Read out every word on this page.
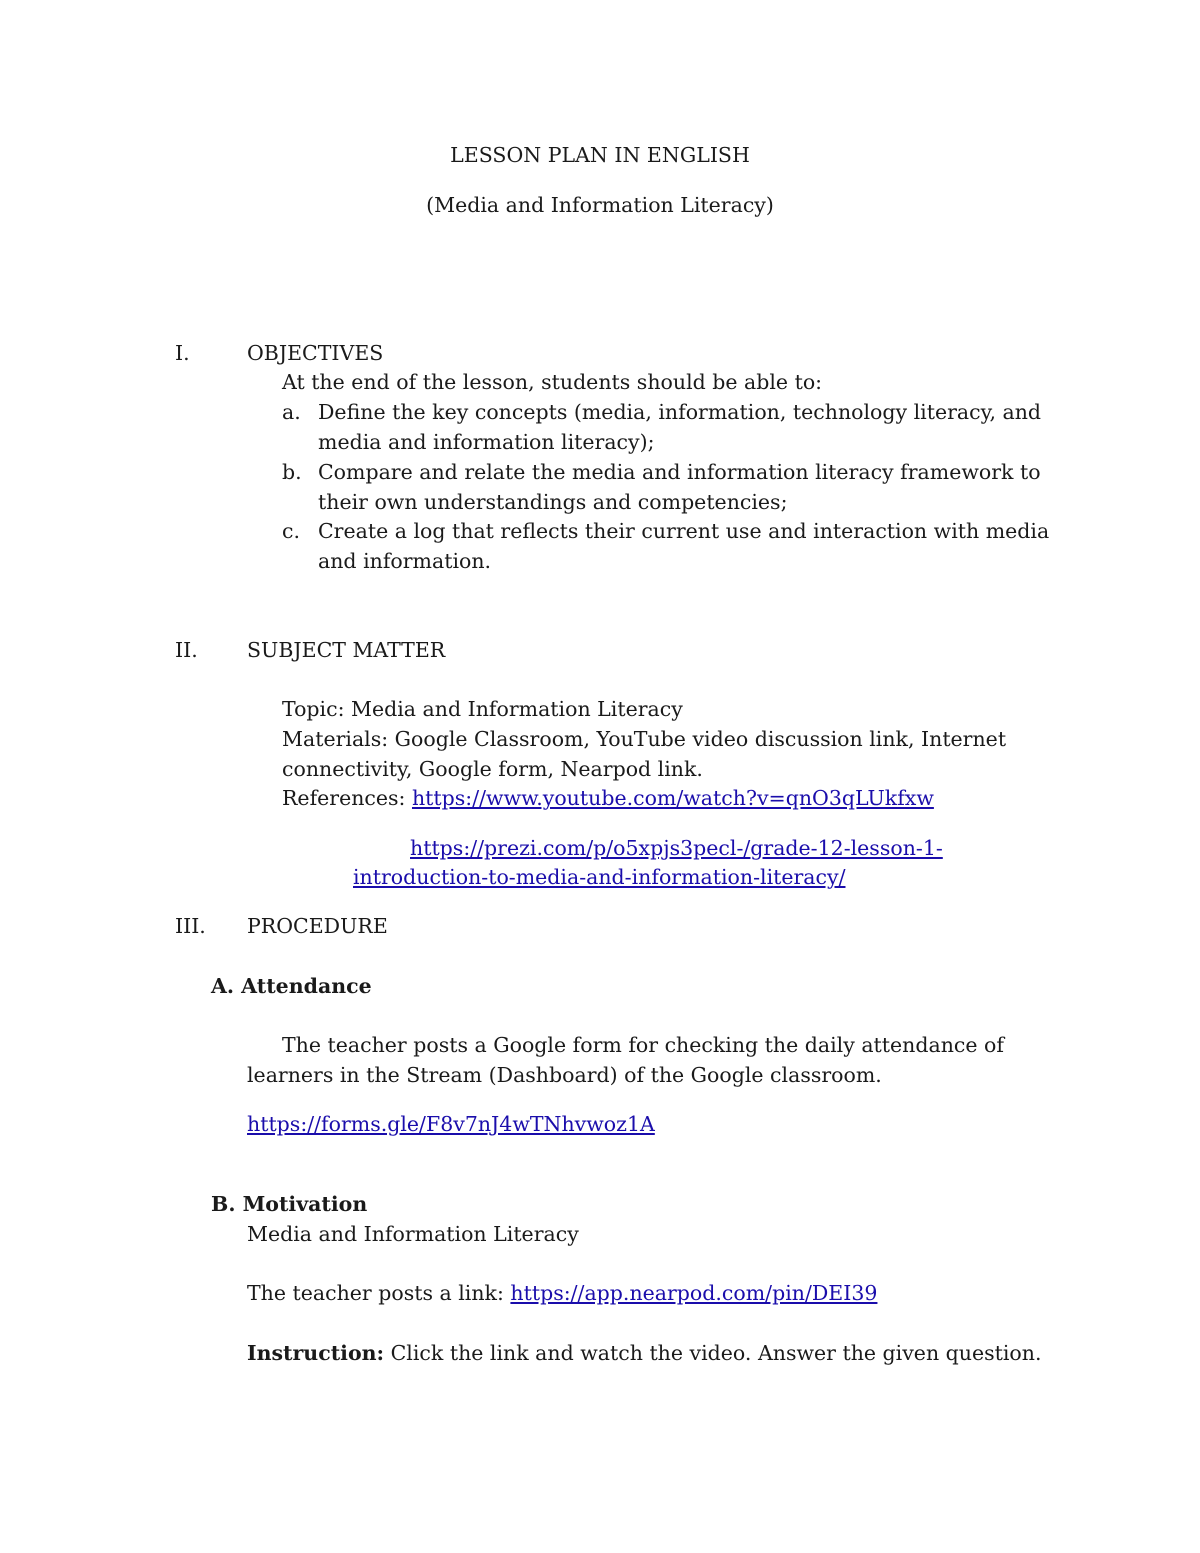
LESSON PLAN IN ENGLISH
(Media and Information Literacy)
I.	OBJECTIVES
At the end of the lesson, students should be able to:
a. Define the key concepts (media, information, technology literacy, and
media and information literacy);
b. Compare and relate the media and information literacy framework to
their own understandings and competencies;
c. Create a log that reflects their current use and interaction with media
and information.
II. SUBJECT MATTER
Topic: Media and Information Literacy
Materials: Google Classroom, YouTube video discussion link, Internet
connectivity, Google form, Nearpod link.
References: https://www.youtube.com/watch?v=qnO3qLUkfxw
https://prezi.com/p/o5xpjs3pecl-/grade-12-lesson-1-
introduction-to-media-and-information-literacy/
III. PROCEDURE
A. Attendance
The teacher posts a Google form for checking the daily attendance of
learners in the Stream (Dashboard) of the Google classroom.
https://forms.gle/F8v7nJ4wTNhvwoz1A
B. Motivation
Media and Information Literacy
The teacher posts a link: https://app.nearpod.com/pin/DEI39
Instruction: Click the link and watch the video. Answer the given question.
